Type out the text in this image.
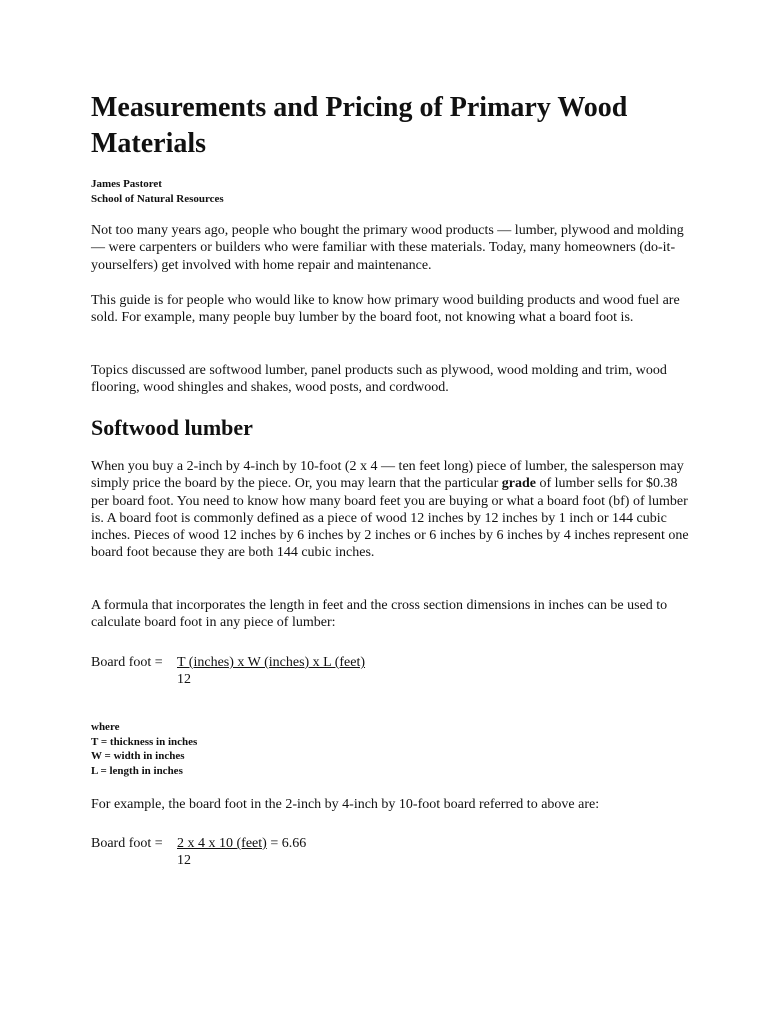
Measurements and Pricing of Primary Wood Materials
James Pastoret
School of Natural Resources

Not too many years ago, people who bought the primary wood products — lumber, plywood and molding — were carpenters or builders who were familiar with these materials. Today, many homeowners (do-it-yourselfers) get involved with home repair and maintenance.

This guide is for people who would like to know how primary wood building products and wood fuel are sold. For example, many people buy lumber by the board foot, not knowing what a board foot is.

Topics discussed are softwood lumber, panel products such as plywood, wood molding and trim, wood flooring, wood shingles and shakes, wood posts, and cordwood.

Softwood lumber

When you buy a 2-inch by 4-inch by 10-foot (2 x 4 — ten feet long) piece of lumber, the salesperson may simply price the board by the piece. Or, you may learn that the particular grade of lumber sells for $0.38 per board foot. You need to know how many board feet you are buying or what a board foot (bf) of lumber is. A board foot is commonly defined as a piece of wood 12 inches by 12 inches by 1 inch or 144 cubic inches. Pieces of wood 12 inches by 6 inches by 2 inches or 6 inches by 6 inches by 4 inches represent one board foot because they are both 144 cubic inches.

A formula that incorporates the length in feet and the cross section dimensions in inches can be used to calculate board foot in any piece of lumber:

Board foot = T (inches) x W (inches) x L (feet)
12
where
T = thickness in inches
W = width in inches
L = length in inches

For example, the board foot in the 2-inch by 4-inch by 10-foot board referred to above are:

Board foot = 2 x 4 x 10 (feet) = 6.66
12
